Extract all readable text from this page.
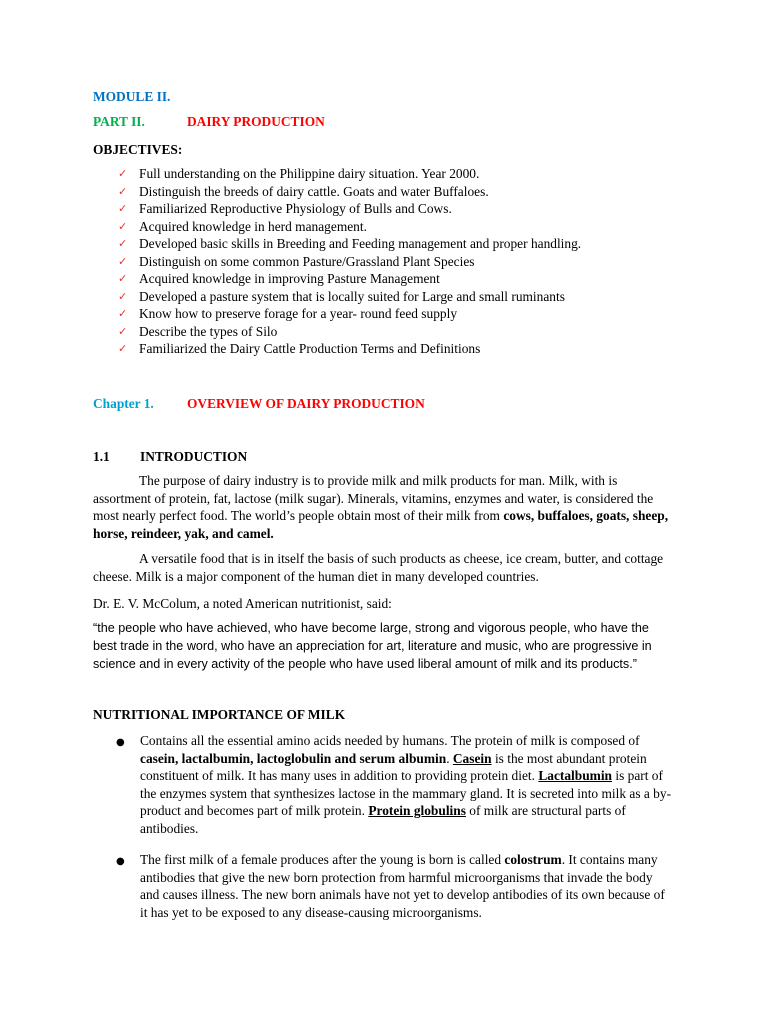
MODULE II.
PART II.	DAIRY PRODUCTION
OBJECTIVES:
✓ Full understanding on the Philippine dairy situation. Year 2000.
✓ Distinguish the breeds of dairy cattle. Goats and water Buffaloes.
✓ Familiarized Reproductive Physiology of Bulls and Cows.
✓ Acquired knowledge in herd management.
✓ Developed basic skills in Breeding and Feeding management and proper handling.
✓ Distinguish on some common Pasture/Grassland Plant Species
✓ Acquired knowledge in improving Pasture Management
✓ Developed a pasture system that is locally suited for Large and small ruminants
✓ Know how to preserve forage for a year- round feed supply
✓ Describe the types of Silo
✓ Familiarized the Dairy Cattle Production Terms and Definitions
Chapter 1. OVERVIEW OF DAIRY PRODUCTION
1.1 INTRODUCTION

The purpose of dairy industry is to provide milk and milk products for man. Milk, with is assortment of protein, fat, lactose (milk sugar). Minerals, vitamins, enzymes and water, is considered the most nearly perfect food. The world’s people obtain most of their milk from cows, buffaloes, goats, sheep, horse, reindeer, yak, and camel.

A versatile food that is in itself the basis of such products as cheese, ice cream, butter, and cottage cheese. Milk is a major component of the human diet in many developed countries.

Dr. E. V. McColum, a noted American nutritionist, said:
“the people who have achieved, who have become large, strong and vigorous people, who have the best trade in the word, who have an appreciation for art, literature and music, who are progressive in science and in every activity of the people who have used liberal amount of milk and its products.”
NUTRITIONAL IMPORTANCE OF MILK
● Contains all the essential amino acids needed by humans. The protein of milk is composed of casein, lactalbumin, lactoglobulin and serum albumin. Casein is the most abundant protein constituent of milk. It has many uses in addition to providing protein diet. Lactalbumin is part of the enzymes system that synthesizes lactose in the mammary gland. It is secreted into milk as a by-product and becomes part of milk protein. Protein globulins of milk are structural parts of antibodies.
● The first milk of a female produces after the young is born is called colostrum. It contains many antibodies that give the new born protection from harmful microorganisms that invade the body and causes illness. The new born animals have not yet to develop antibodies of its own because of it has yet to be exposed to any disease-causing microorganisms.
